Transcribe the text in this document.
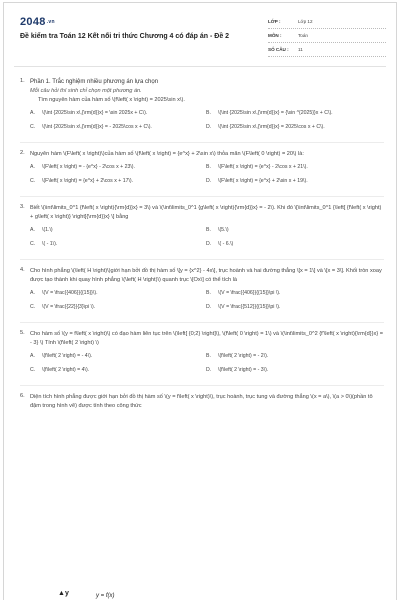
2048.vn
Đề kiểm tra Toán 12 Kết nối tri thức Chương 4 có đáp án - Đề 2
LỚP :	Lớp 12
MÔN :	Toán
SỐ CÂU : 11
1. Phần 1. Trắc nghiệm nhiều phương án lựa chọn
Mỗi câu hỏi thí sinh chỉ chọn một phương án.
Tìm nguyên hàm của hàm số \(f\left( x \right) = 2025\sin x\).
A.	\(\int {2025\sin x\,{\rm{d}}x} = \sin 2025x + C\).	B.	\(\int {2025\sin x\,{\rm{d}}x} = {\sin ^{2025}}x + C\).
C.	\(\int {2025\sin x\,{\rm{d}}x} = - 2025\cos x + C\).	D.	\(\int {2025\sin x\,{\rm{d}}x} = 2025\cos x + C\).
2. Nguyên hàm \(F\left( x \right)\)của hàm số \(f\left( x \right) = {e^x} + 2\sin x\) thỏa mãn \(F\left( 0 \right) = 20\) là:
A.	\(F\left( x \right) = - {e^x} - 2\cos x + 23\).	B.	\(F\left( x \right) = {e^x} - 2\cos x + 21\).
C.	\(F\left( x \right) = {e^x} + 2\cos x + 17\).	D.	\(F\left( x \right) = {e^x} + 2\sin x + 19\).
3. Biết \(\int\limits_0^1 {f\left( x \right){\rm{d}}x} = 3\) và \(\int\limits_0^1 {g\left( x \right){\rm{d}}x} = - 2\). Khi đó \[\int\limits_0^1 {\left[ {f\left( x \right) + g\left( x \right)} \right]{\rm{d}}x} \] bằng
A.	\(1.\)	B.	\(5.\)
C.	\( - 1\).	D.	\( - 6.\)
4. Cho hình phẳng \(\left( H \right)\)giới hạn bởi đồ thị hàm số \[y = {x^2} - 4x\], trục hoành và hai đường thẳng \[x = 1\] và \[x = 3\]. Khối tròn xoay được tạo thành khi quay hình phẳng \(\left( H \right)\) quanh trục \[Ox\] có thể tích là
A.	\(V = \frac{{406}}{{15}}\).	B.	\(V = \frac{{406}}{{15}}\pi \).
C.	\(V = \frac{{22}}{3}\pi \).	D.	\(V = \frac{{512}}{{15}}\pi \).
5. Cho hàm số \(y = f\left( x \right)\) có đạo hàm liên tục trên \(\left[ {0;2} \right]\), \(f\left( 0 \right) = 1\) và \(\int\limits_0^2 {f'\left( x \right){\rm{d}}x} = - 3} \) Tính \(f\left( 2 \right) \)
A.	\(f\left( 2 \right) = - 4\).	B.	\(f\left( 2 \right) = - 2\).
C.	\(f\left( 2 \right) = 4\).	D.	\(f\left( 2 \right) = - 3\).
6. Diện tích hình phẳng được giới hạn bởi đồ thị hàm số \(y = f\left( x \right)\), trục hoành, trục tung và đường thẳng \(x = a\), \(a > 0\)(phần tô đậm trong hình vẽ) được tính theo công thức
▲y	y = f(x)
